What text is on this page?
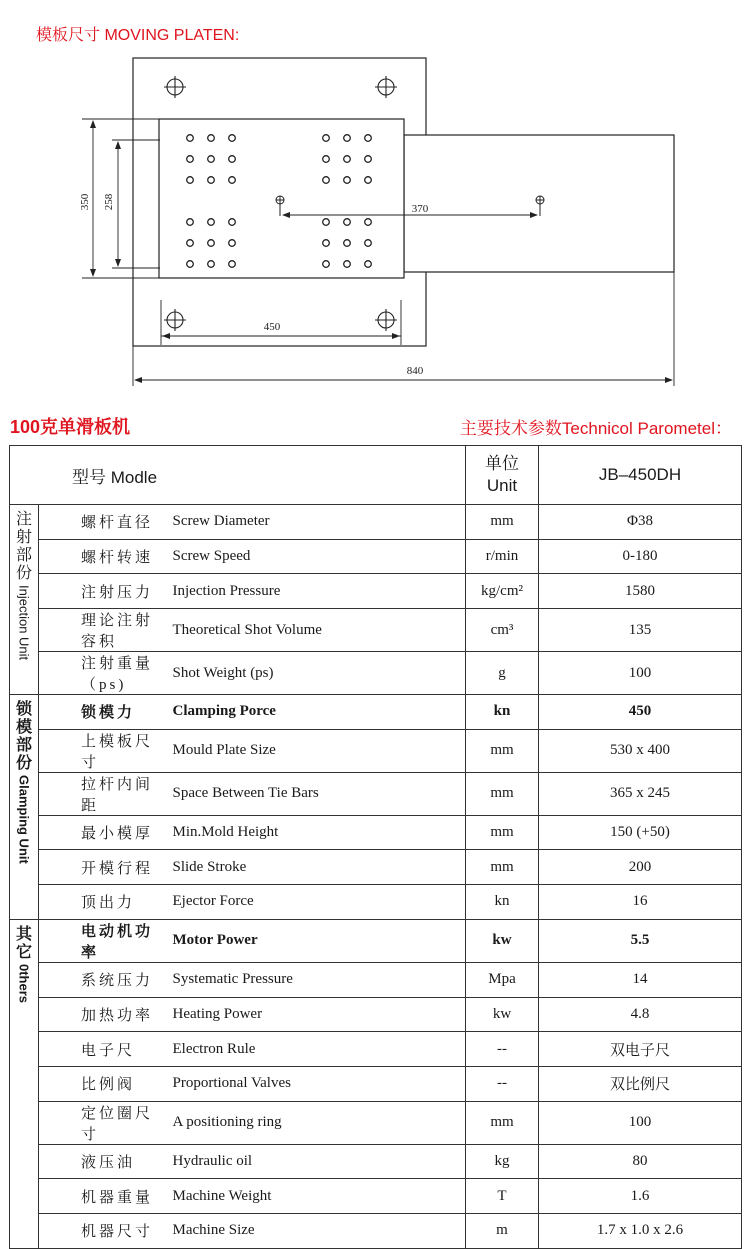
模板尺寸 MOVING PLATEN:
350 258	370
450
840
100克单滑板机	主要技术参数Technicol Parometel：
型号 Modle			单位
Unit	JB–450DH

注射部份
Injection Unit	螺杆直径	Screw Diameter	mm	Φ38
	螺杆转速	Screw Speed	r/min	0-180
	注射压力	Injection Pressure	kg/cm²	1580
	理论注射容积	Theoretical Shot Volume	cm³	135
	注射重量（ps)	Shot Weight (ps)	g	100

锁模部份
Glamping Unit	锁模力	Clamping Porce	kn	450
	上模板尺寸	Mould Plate Size	mm	530 x 400
	拉杆内间距	Space Between Tie Bars	mm	365 x 245
	最小模厚	Min.Mold Height	mm	150 (+50)
	开模行程	Slide Stroke	mm	200
	顶出力	Ejector Force	kn	16

其它
0thers	电动机功率	Motor Power	kw	5.5
	系统压力	Systematic Pressure	Mpa	14
	加热功率	Heating Power	kw	4.8
	电子尺	Electron Rule	--	双电子尺
	比例阀	Proportional Valves	--	双比例尺
	定位圈尺寸	A positioning ring	mm	100
	液压油	Hydraulic oil	kg	80
	机器重量	Machine Weight	T	1.6
	机器尺寸	Machine Size	m	1.7 x 1.0 x 2.6
